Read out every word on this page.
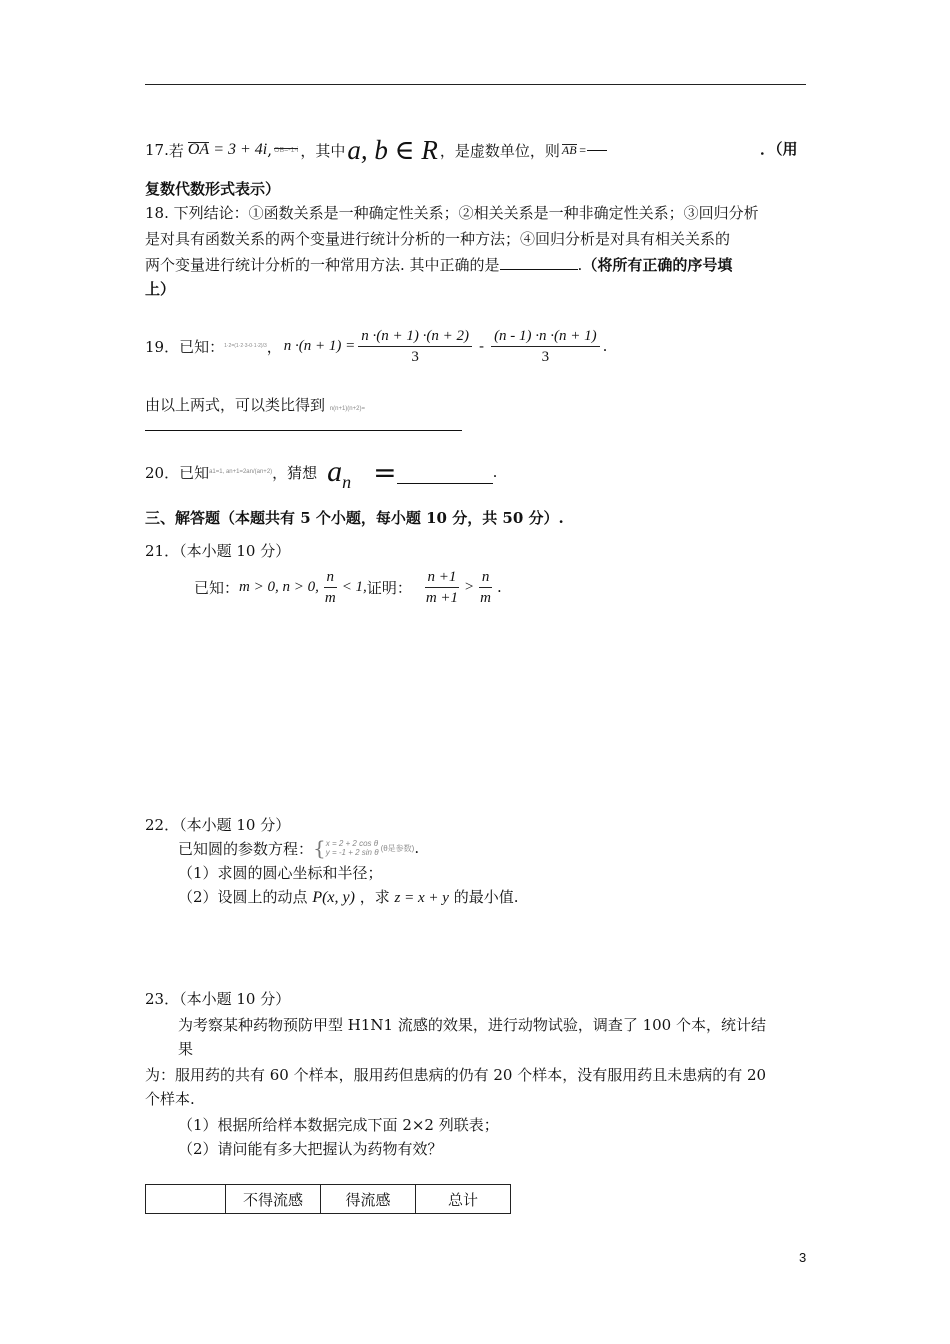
17. 若 OA = 3 + 4i , OB=-1-i ，其中 a, b ∈ R ，是虚数单位，则 AB =	．（用
复数代数形式表示）
18. 下列结论：①函数关系是一种确定性关系；②相关关系是一种非确定性关系；③回归分析
是对具有函数关系的两个变量进行统计分析的一种方法；④回归分析是对具有相关关系的
两个变量进行统计分析的一种常用方法. 其中正确的是	.（将所有正确的序号填
上）
19．已知： 1·2=(1·2·3-0·1·2)/3 ， $n \cdot(n + 1) = \frac{n \cdot(n + 1) \cdot(n + 2)}{3} - \frac{(n - 1) \cdot n \cdot(n + 1)}{3}$ .
由以上两式，可以类比得到 n(n+1)(n+2)=
20．已知 a1=1, an+1=2an/(an+2) ，猜想 a n =	.
三、解答题（本题共有 5 个小题，每小题 10 分，共 50 分）.
21．（本小题 10 分）
已知： m > 0, n > 0, $\frac{n}{m} < 1$, 证明： $\frac{n +1}{m +1} > \frac{n}{m}$ .
22．（本小题 10 分）
已知圆的参数方程： { x = 2 + 2 cos θ
y = -1 + 2 sin θ (θ是参数) .
（1）求圆的圆心坐标和半径；
（2）设圆上的动点 P(x, y) ，求 z = x + y 的最小值.
23．（本小题 10 分）
为考察某种药物预防甲型 H1N1 流感的效果，进行动物试验，调查了 100 个本，统计结
果
为：服用药的共有 60 个样本，服用药但患病的仍有 20 个样本，没有服用药且未患病的有 20
个样本.
（1）根据所给样本数据完成下面 2×2 列联表；
（2）请问能有多大把握认为药物有效？
	不得流感	得流感	总计
3
